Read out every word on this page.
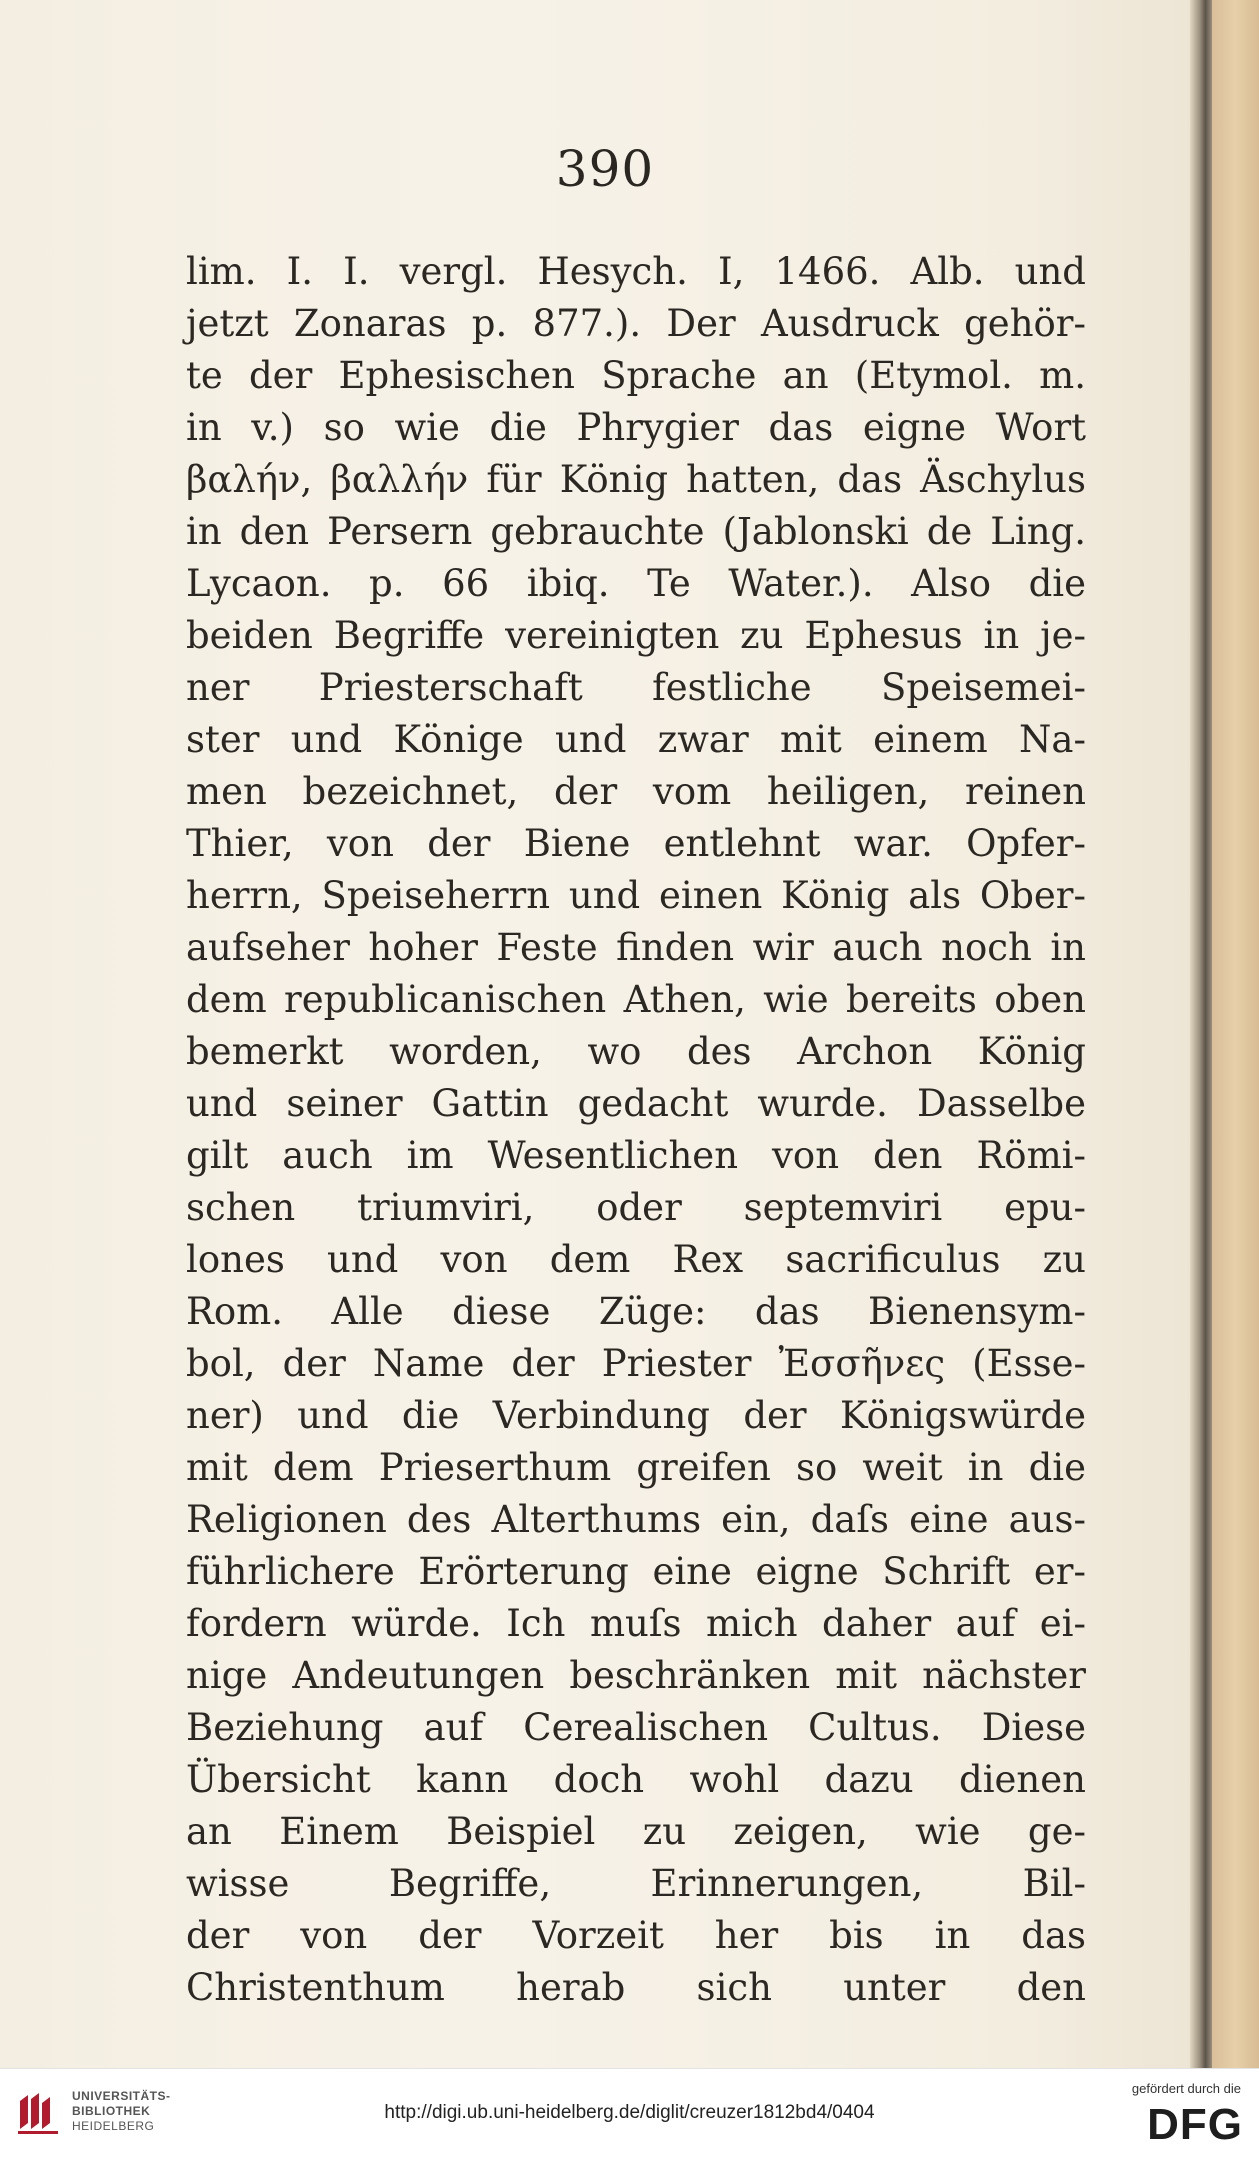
390
lim. I. I. vergl. Hesych. I, 1466. Alb. und
jetzt Zonaras p. 877.). Der Ausdruck gehör-
te der Ephesischen Sprache an (Etymol. m.
in v.) so wie die Phrygier das eigne Wort
βαλήν, βαλλήν für König hatten, das Äschylus
in den Persern gebrauchte (Jablonski de Ling.
Lycaon. p. 66 ibiq. Te Water.). Also die
beiden Begriffe vereinigten zu Ephesus in je-
ner Priesterschaft festliche Speisemei-
ster und Könige und zwar mit einem Na-
men bezeichnet, der vom heiligen, reinen
Thier, von der Biene entlehnt war. Opfer-
herrn, Speiseherrn und einen König als Ober-
aufseher hoher Feste finden wir auch noch in
dem republicanischen Athen, wie bereits oben
bemerkt worden, wo des Archon König
und seiner Gattin gedacht wurde. Dasselbe
gilt auch im Wesentlichen von den Römi-
schen triumviri, oder septemviri epu-
lones und von dem Rex sacrificulus zu
Rom. Alle diese Züge: das Bienensym-
bol, der Name der Priester Ἐσσῆνες (Esse-
ner) und die Verbindung der Königswürde
mit dem Prieserthum greifen so weit in die
Religionen des Alterthums ein, daſs eine aus-
führlichere Erörterung eine eigne Schrift er-
fordern würde. Ich muſs mich daher auf ei-
nige Andeutungen beschränken mit nächster
Beziehung auf Cerealischen Cultus. Diese
Übersicht kann doch wohl dazu dienen
an Einem Beispiel zu zeigen, wie ge-
wisse Begriffe, Erinnerungen, Bil-
der von der Vorzeit her bis in das
Christenthum herab sich unter den
UNIVERSITÄTS-
BIBLIOTHEK
HEIDELBERG
http://digi.ub.uni-heidelberg.de/diglit/creuzer1812bd4/0404
gefördert durch die
DFG
